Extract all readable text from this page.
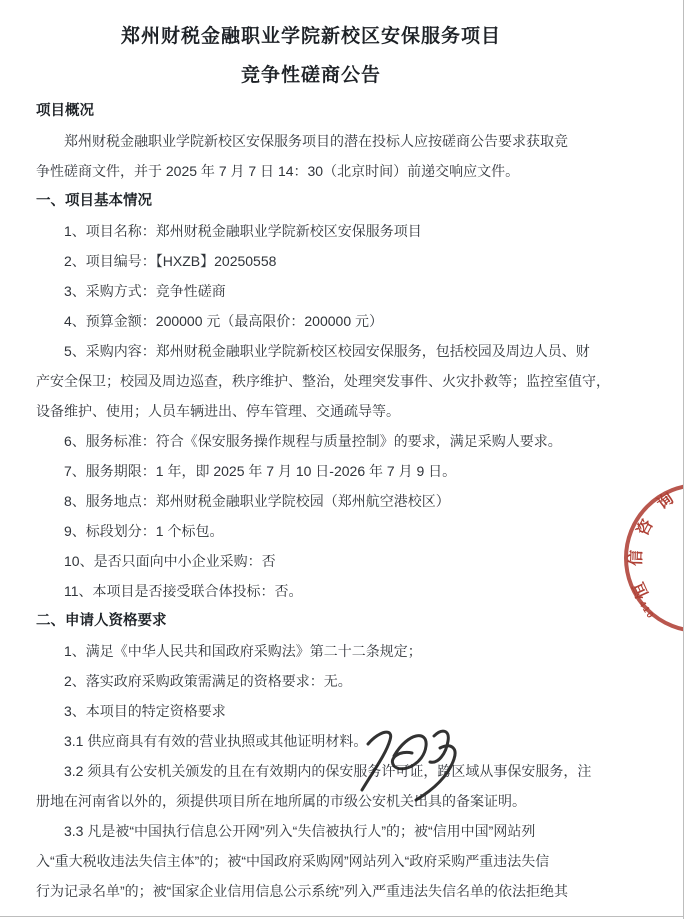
郑州财税金融职业学院新校区安保服务项目
竞争性磋商公告
项目概况
郑州财税金融职业学院新校区安保服务项目的潜在投标人应按磋商公告要求获取竞
争性磋商文件，并于 2025 年 7 月 7 日 14：30（北京时间）前递交响应文件。
一、项目基本情况
1、项目名称：郑州财税金融职业学院新校区安保服务项目
2、项目编号：【HXZB】20250558
3、采购方式：竞争性磋商
4、预算金额：200000 元（最高限价：200000 元）
5、采购内容：郑州财税金融职业学院新校区校园安保服务，包括校园及周边人员、财
产安全保卫；校园及周边巡查，秩序维护、整治，处理突发事件、火灾扑救等；监控室值守，
设备维护、使用；人员车辆进出、停车管理、交通疏导等。
6、服务标准：符合《保安服务操作规程与质量控制》的要求，满足采购人要求。
7、服务期限：1 年，即 2025 年 7 月 10 日-2026 年 7 月 9 日。
8、服务地点：郑州财税金融职业学院校园（郑州航空港校区）
9、标段划分：1 个标包。
10、是否只面向中小企业采购：否
11、本项目是否接受联合体投标：否。
二、申请人资格要求
1、满足《中华人民共和国政府采购法》第二十二条规定；
2、落实政府采购政策需满足的资格要求：无。
3、本项目的特定资格要求
3.1 供应商具有有效的营业执照或其他证明材料。
3.2 须具有公安机关颁发的且在有效期内的保安服务许可证，跨区域从事保安服务，注
册地在河南省以外的，须提供项目所在地所属的市级公安机关出具的备案证明。
3.3 凡是被“中国执行信息公开网”列入“失信被执行人”的；被“信用中国”网站列
入“重大税收违法失信主体”的；被“中国政府采购网”网站列入“政府采购严重违法失信
行为记录名单”的；被“国家企业信用信息公示系统”列入严重违法失信名单的依法拒绝其
询
咨
信
恒
410
